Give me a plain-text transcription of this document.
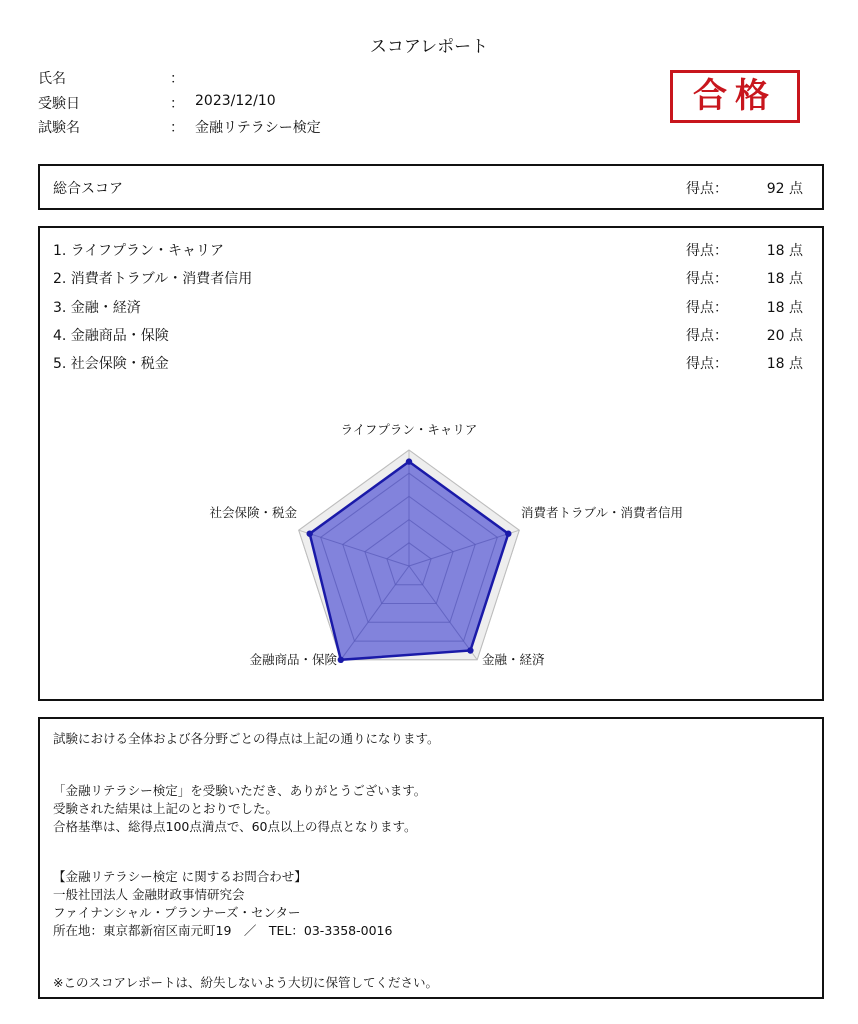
スコアレポート
氏名	：
受験日	： 2023/12/10
試験名	： 金融リテラシー検定
合格
総合スコア	得点：	92 点
1. ライフプラン・キャリア	得点：	18 点
2. 消費者トラブル・消費者信用	得点：	18 点
3. 金融・経済	得点：	18 点
4. 金融商品・保険	得点：	20 点
5. 社会保険・税金	得点：	18 点
ライフプラン・キャリア
消費者トラブル・消費者信用
金融・経済
金融商品・保険
社会保険・税金
試験における全体および各分野ごとの得点は上記の通りになります。
「金融リテラシー検定」を受験いただき、ありがとうございます。
受験された結果は上記のとおりでした。
合格基準は、総得点100点満点で、60点以上の得点となります。
【金融リテラシー検定 に関するお問合わせ】
一般社団法人 金融財政事情研究会
ファイナンシャル・プランナーズ・センター
所在地：東京都新宿区南元町19　／　TEL：03-3358-0016
※このスコアレポートは、紛失しないよう大切に保管してください。
